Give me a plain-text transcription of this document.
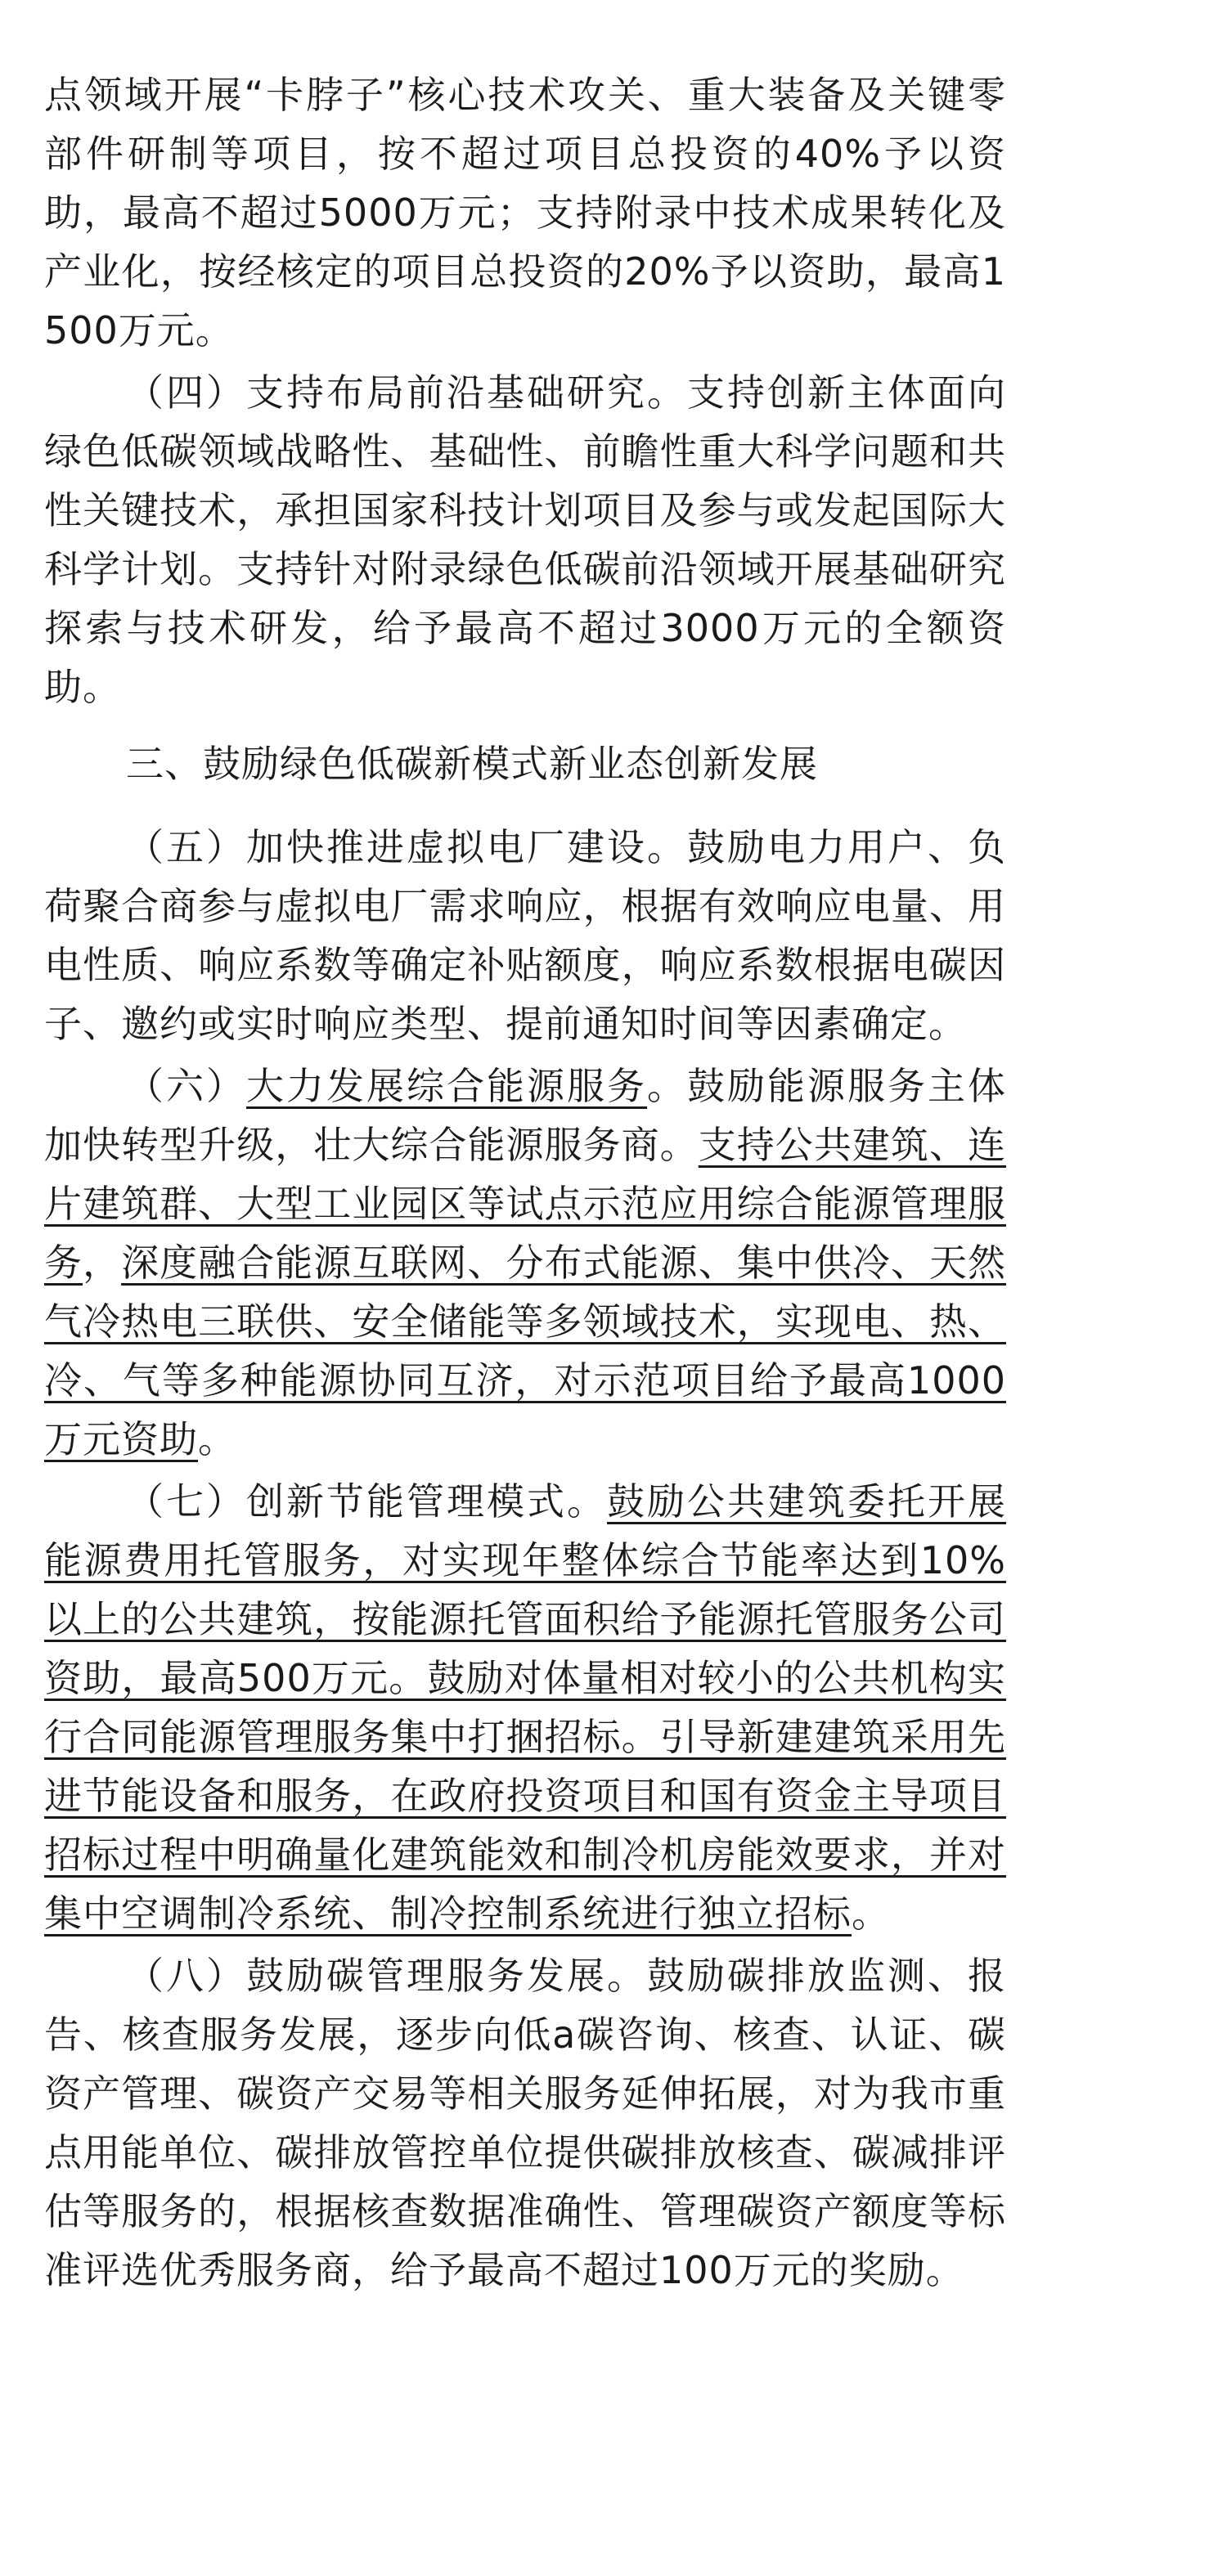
点领域开展“卡脖子”核心技术攻关、重大装备及关键零部件研制等项目，按不超过项目总投资的40%予以资助，最高不超过5000万元；支持附录中技术成果转化及产业化，按经核定的项目总投资的20%予以资助，最高1500万元。

（四）支持布局前沿基础研究。支持创新主体面向绿色低碳领域战略性、基础性、前瞻性重大科学问题和共性关键技术，承担国家科技计划项目及参与或发起国际大科学计划。支持针对附录绿色低碳前沿领域开展基础研究探索与技术研发，给予最高不超过3000万元的全额资助。

三、鼓励绿色低碳新模式新业态创新发展

（五）加快推进虚拟电厂建设。鼓励电力用户、负荷聚合商参与虚拟电厂需求响应，根据有效响应电量、用电性质、响应系数等确定补贴额度，响应系数根据电碳因子、邀约或实时响应类型、提前通知时间等因素确定。

（六）大力发展综合能源服务。鼓励能源服务主体加快转型升级，壮大综合能源服务商。支持公共建筑、连片建筑群、大型工业园区等试点示范应用综合能源管理服务，深度融合能源互联网、分布式能源、集中供冷、天然气冷热电三联供、安全储能等多领域技术，实现电、热、冷、气等多种能源协同互济，对示范项目给予最高1000万元资助。

（七）创新节能管理模式。鼓励公共建筑委托开展能源费用托管服务，对实现年整体综合节能率达到10%以上的公共建筑，按能源托管面积给予能源托管服务公司资助，最高500万元。鼓励对体量相对较小的公共机构实行合同能源管理服务集中打捆招标。引导新建建筑采用先进节能设备和服务，在政府投资项目和国有资金主导项目招标过程中明确量化建筑能效和制冷机房能效要求，并对集中空调制冷系统、制冷控制系统进行独立招标。

（八）鼓励碳管理服务发展。鼓励碳排放监测、报告、核查服务发展，逐步向低a碳咨询、核查、认证、碳资产管理、碳资产交易等相关服务延伸拓展，对为我市重点用能单位、碳排放管控单位提供碳排放核查、碳减排评估等服务的，根据核查数据准确性、管理碳资产额度等标准评选优秀服务商，给予最高不超过100万元的奖励。
